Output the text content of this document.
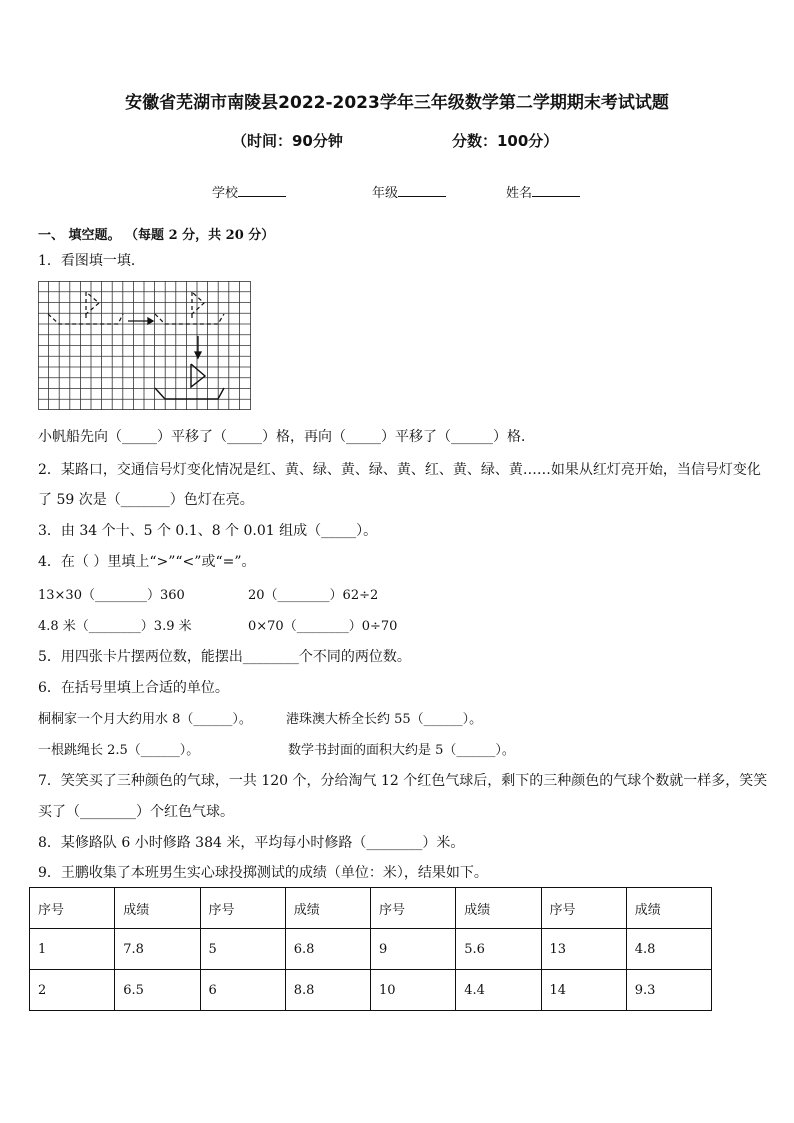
安徽省芜湖市南陵县2022-2023学年三年级数学第二学期期末考试试题
（时间：90分钟	分数：100分）
学校	年级	姓名
一、 填空题。 （每题 2 分，共 20 分）
1．看图填一填．
小帆船先向（_____）平移了（_____）格，再向（_____）平移了（______）格．
2．某路口，交通信号灯变化情况是红、黄、绿、黄、绿、黄、红、黄、绿、黄……如果从红灯亮开始，当信号灯变化
了 59 次是（_______）色灯在亮。
3．由 34 个十、5 个 0.1、8 个 0.01 组成（_____）。
4．在（ ）里填上“>”“<”或“=”。
13×30（________）360	20（________）62÷2
4.8 米（________）3.9 米	0×70（________）0÷70
5．用四张卡片摆两位数，能摆出________个不同的两位数。
6．在括号里填上合适的单位。
桐桐家一个月大约用水 8（______）。	港珠澳大桥全长约 55（______）。
一根跳绳长 2.5（______）。	数学书封面的面积大约是 5（______）。
7．笑笑买了三种颜色的气球，一共 120 个，分给淘气 12 个红色气球后，剩下的三种颜色的气球个数就一样多，笑笑
买了（________）个红色气球。
8．某修路队 6 小时修路 384 米，平均每小时修路（________）米。
9．王鹏收集了本班男生实心球投掷测试的成绩（单位：米），结果如下。
序号	成绩	序号	成绩	序号	成绩	序号	成绩
1	7.8	5	6.8	9	5.6	13	4.8
2	6.5	6	8.8	10	4.4	14	9.3
